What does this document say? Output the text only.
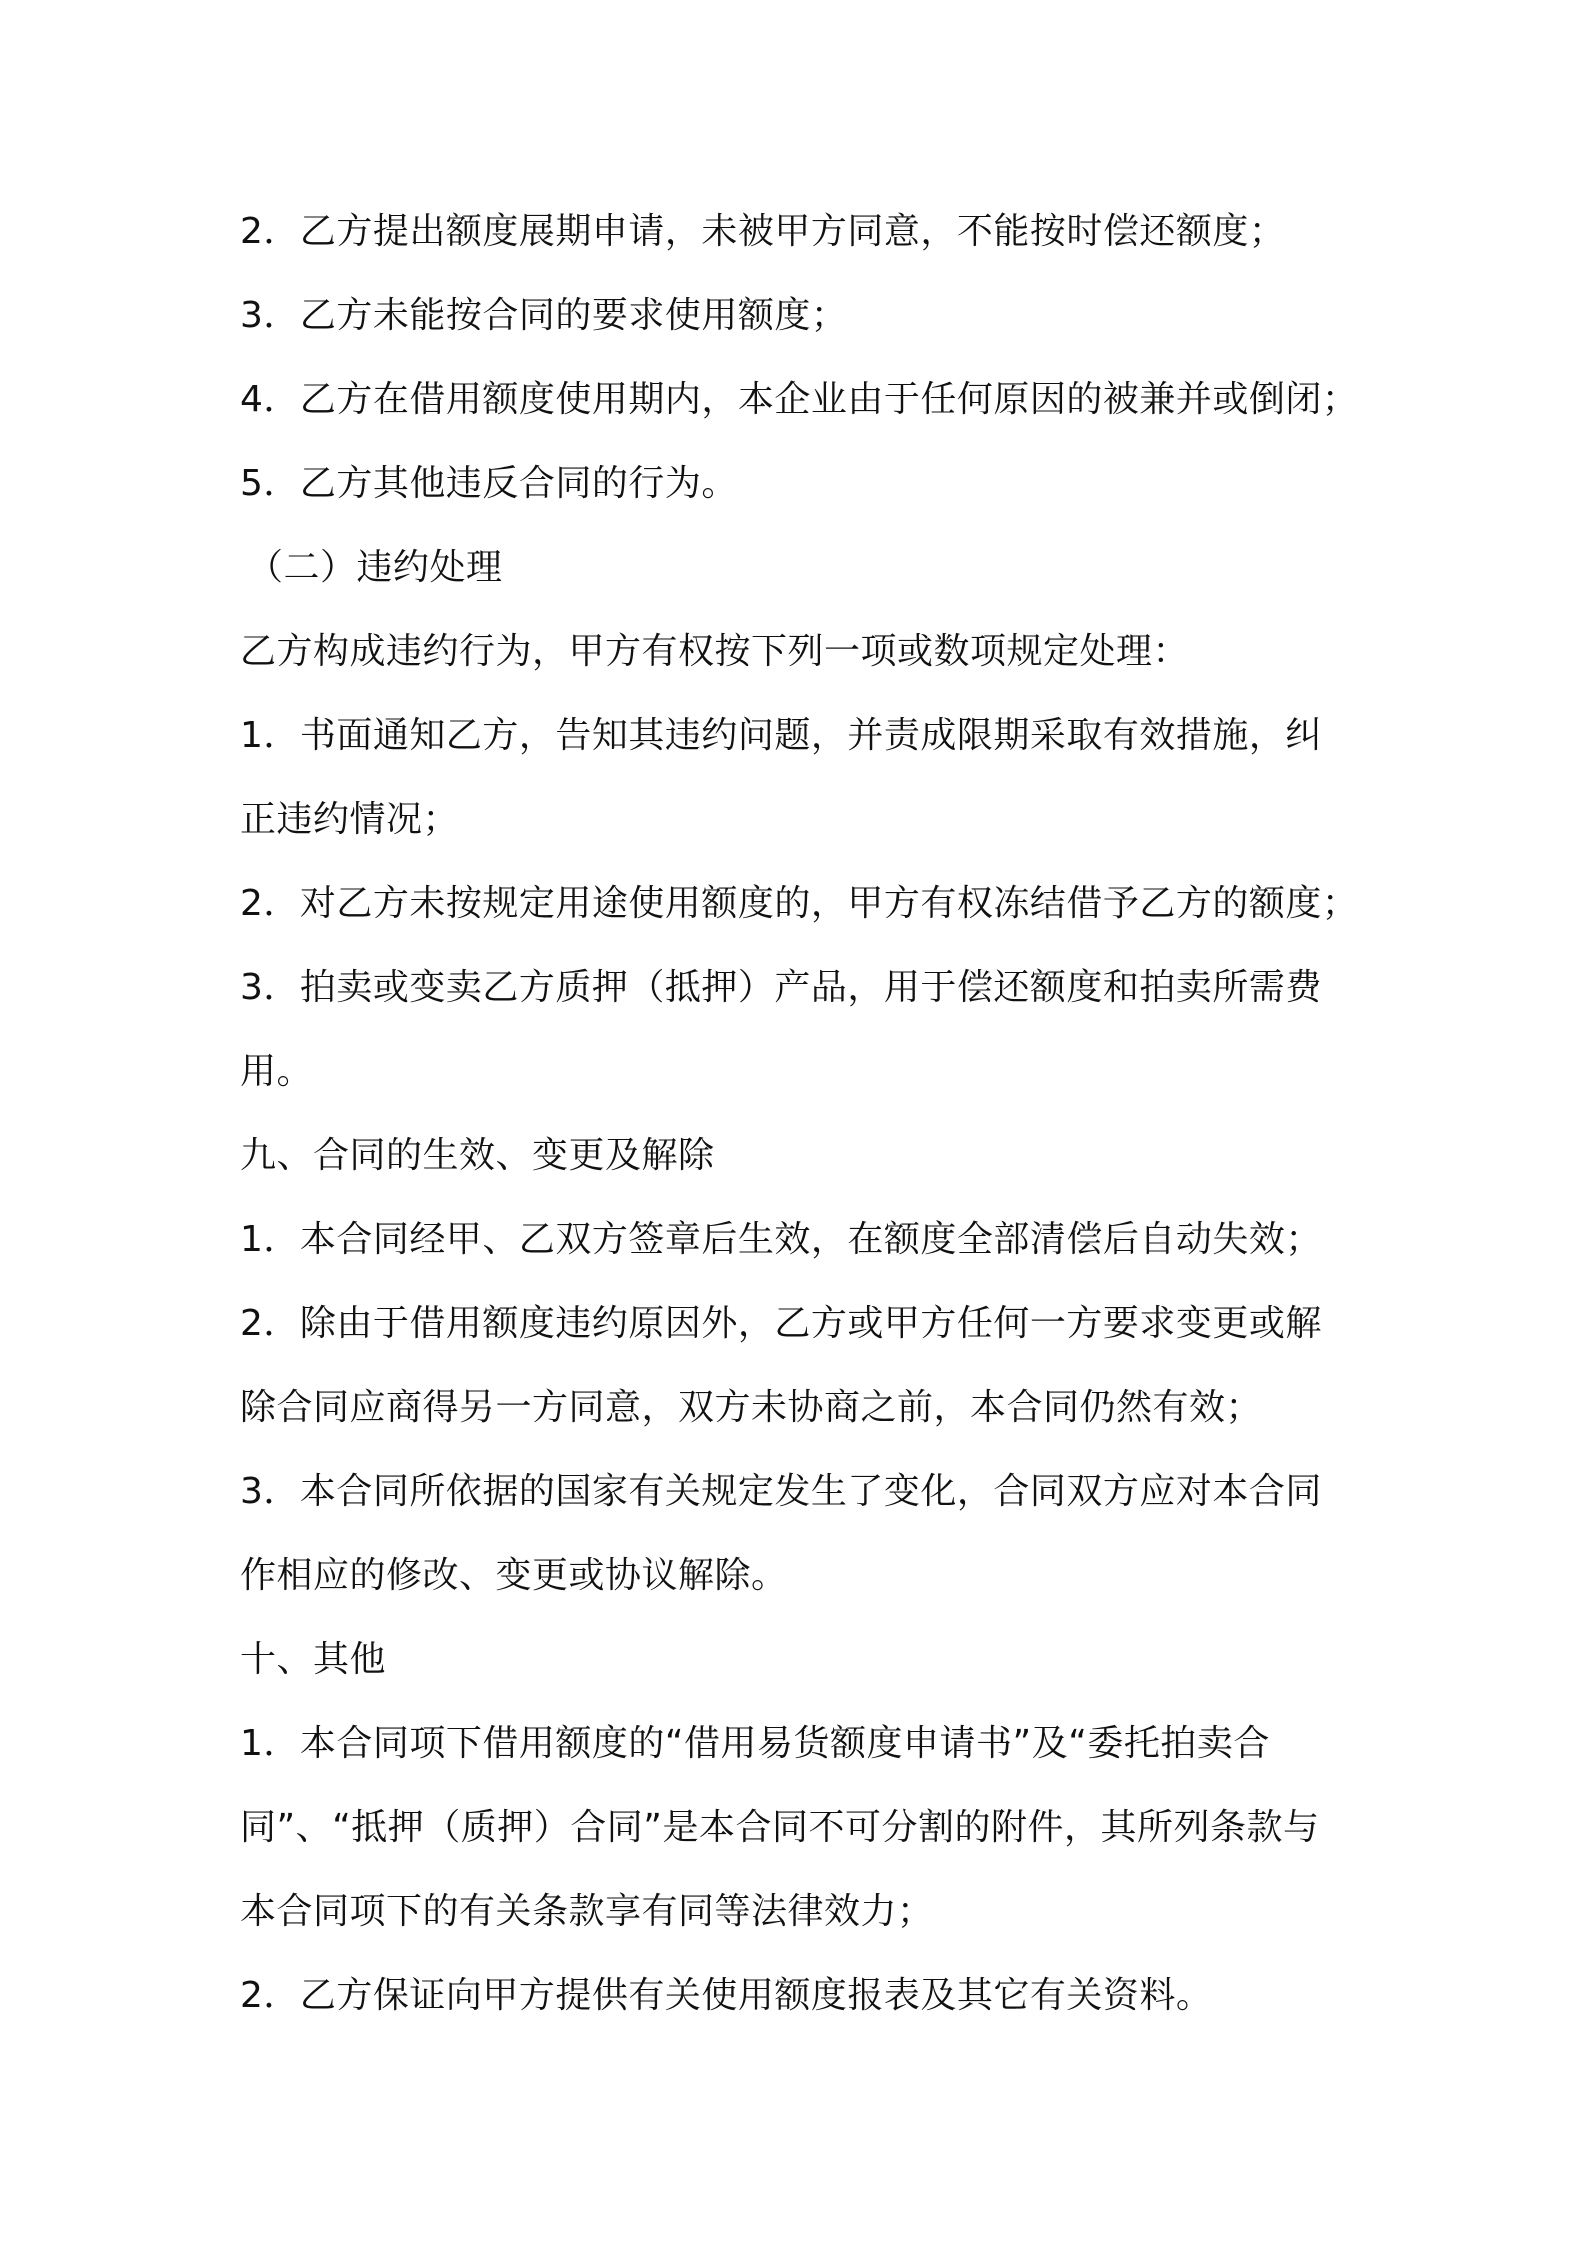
2．乙方提出额度展期申请，未被甲方同意，不能按时偿还额度；
3．乙方未能按合同的要求使用额度；
4．乙方在借用额度使用期内，本企业由于任何原因的被兼并或倒闭；
5．乙方其他违反合同的行为。
（二）违约处理
乙方构成违约行为，甲方有权按下列一项或数项规定处理：
1．书面通知乙方，告知其违约问题，并责成限期采取有效措施，纠
正违约情况；
2．对乙方未按规定用途使用额度的，甲方有权冻结借予乙方的额度；
3．拍卖或变卖乙方质押（抵押）产品，用于偿还额度和拍卖所需费
用。
九、合同的生效、变更及解除
1．本合同经甲、乙双方签章后生效，在额度全部清偿后自动失效；
2．除由于借用额度违约原因外，乙方或甲方任何一方要求变更或解
除合同应商得另一方同意，双方未协商之前，本合同仍然有效；
3．本合同所依据的国家有关规定发生了变化，合同双方应对本合同
作相应的修改、变更或协议解除。
十、其他
1．本合同项下借用额度的“借用易货额度申请书”及“委托拍卖合
同”、“抵押（质押）合同”是本合同不可分割的附件，其所列条款与
本合同项下的有关条款享有同等法律效力；
2．乙方保证向甲方提供有关使用额度报表及其它有关资料。
